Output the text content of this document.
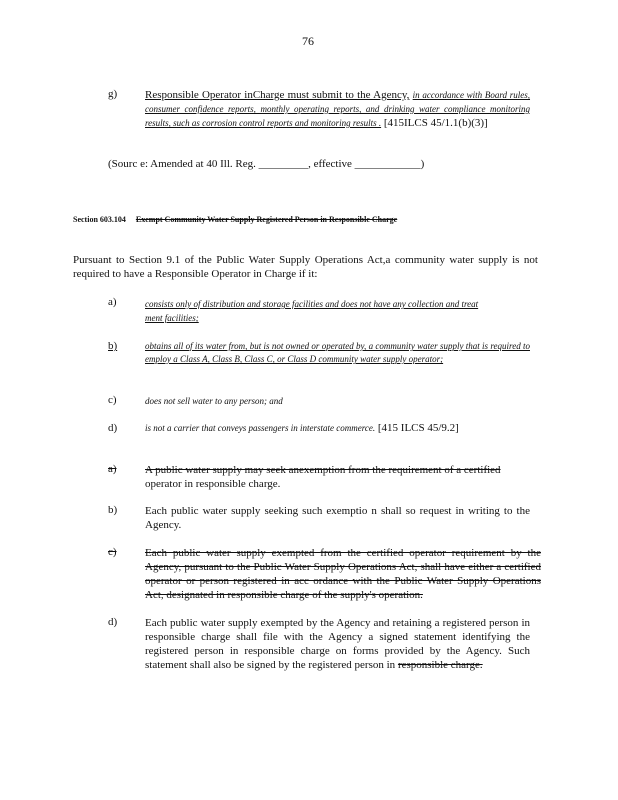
76
g)	Responsible Operator inCharge must submit to the Agency, in accordance with Board rules, consumer confidence reports, monthly operating reports, and drinking water compliance monitoring results, such as corrosion control reports and monitoring results . [415ILCS 45/1.1(b)(3)]
(Sourc e: Amended at 40 Ill. Reg. _________, effective ____________)
Section 603.104 Exempt Community Water Supply Registered Person in Responsible Charge
Pursuant to Section 9.1 of the Public Water Supply Operations Act,a community water supply is not required to have a Responsible Operator in Charge if it:
a)	consists only of distribution and storage facilities and does not have any collection and treat ment facilities;
b)	obtains all of its water from, but is not owned or operated by, a community water supply that is required to employ a Class A, Class B, Class C, or Class D community water supply operator;
c)	does not sell water to any person; and
d)	is not a carrier that conveys passengers in interstate commerce. [415 ILCS 45/9.2]
a)	A public water supply may seek anexemption from the requirement of a certified operator in responsible charge.
b)	Each public water supply seeking such exemptio n shall so request in writing to the Agency.
c)	Each public water supply exempted from the certified operator requirement by the Agency, pursuant to the Public Water Supply Operations Act, shall have either a certified operator or person registered in acc ordance with the Public Water Supply Operations Act, designated in responsible charge of the supply's operation.
d)	Each public water supply exempted by the Agency and retaining a registered person in responsible charge shall file with the Agency a signed statement identifying the registered person in responsible charge on forms provided by the Agency. Such statement shall also be signed by the registered person in responsible charge.
